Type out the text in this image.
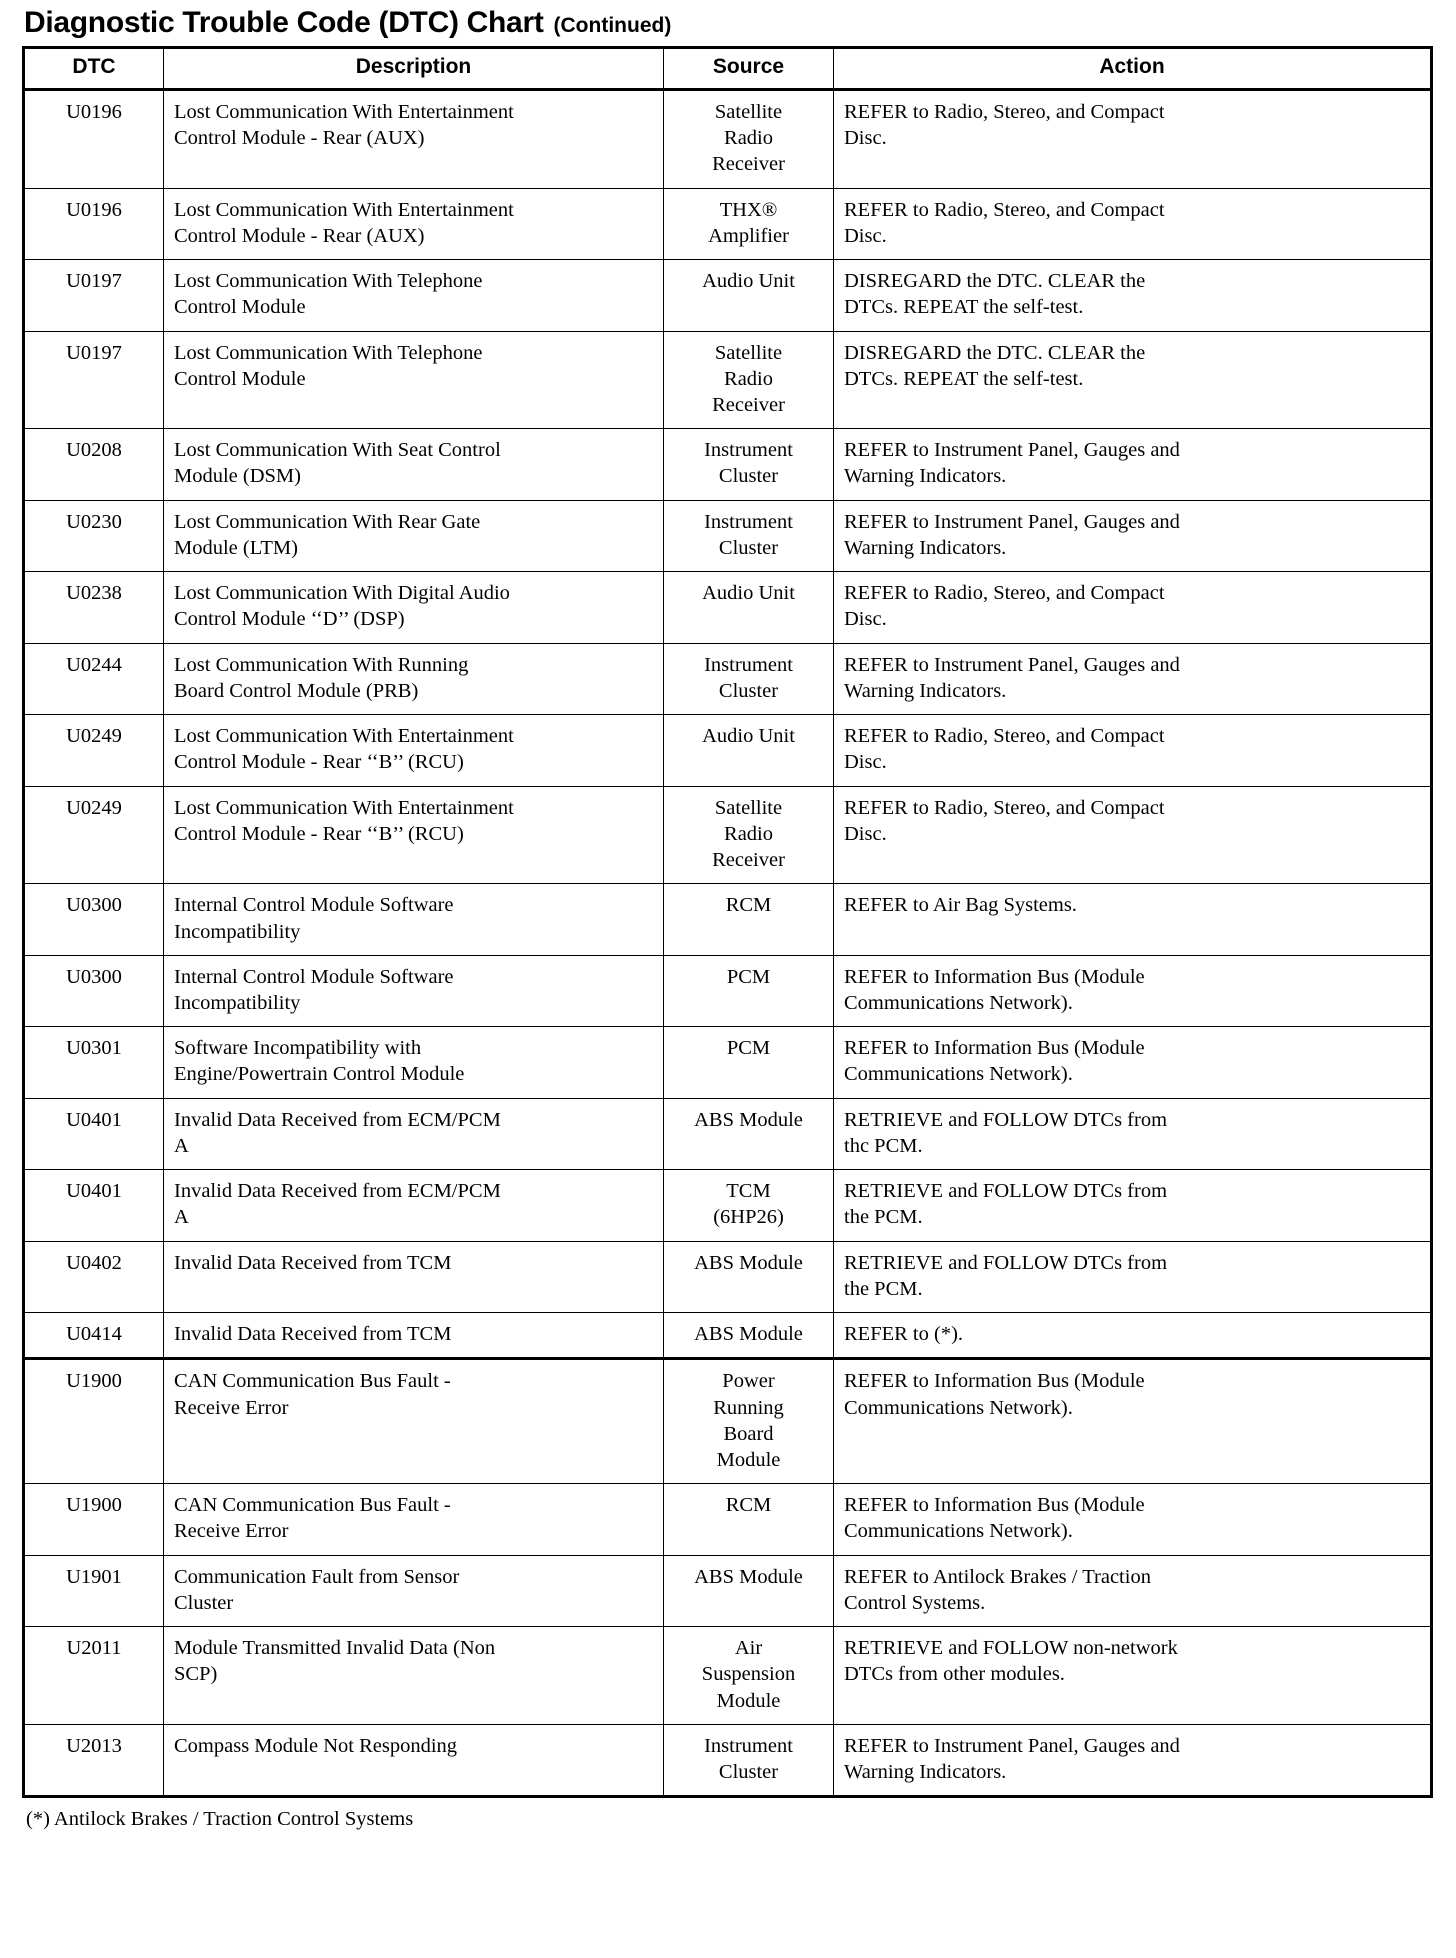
Diagnostic Trouble Code (DTC) Chart (Continued)
DTC	Description	Source	Action

U0196	Lost Communication With Entertainment
Control Module - Rear (AUX)	Satellite
Radio
Receiver	REFER to Radio, Stereo, and Compact
Disc.

U0196	Lost Communication With Entertainment
Control Module - Rear (AUX)	THX®
Amplifier	REFER to Radio, Stereo, and Compact
Disc.

U0197	Lost Communication With Telephone
Control Module	Audio Unit	DISREGARD the DTC. CLEAR the
DTCs. REPEAT the self-test.

U0197	Lost Communication With Telephone
Control Module	Satellite
Radio
Receiver	DISREGARD the DTC. CLEAR the
DTCs. REPEAT the self-test.

U0208	Lost Communication With Seat Control
Module (DSM)	Instrument
Cluster	REFER to Instrument Panel, Gauges and
Warning Indicators.

U0230	Lost Communication With Rear Gate
Module (LTM)	Instrument
Cluster	REFER to Instrument Panel, Gauges and
Warning Indicators.

U0238	Lost Communication With Digital Audio
Control Module ‘‘D’’ (DSP)	Audio Unit	REFER to Radio, Stereo, and Compact
Disc.

U0244	Lost Communication With Running
Board Control Module (PRB)	Instrument
Cluster	REFER to Instrument Panel, Gauges and
Warning Indicators.

U0249	Lost Communication With Entertainment
Control Module - Rear ‘‘B’’ (RCU)	Audio Unit	REFER to Radio, Stereo, and Compact
Disc.

U0249	Lost Communication With Entertainment
Control Module - Rear ‘‘B’’ (RCU)	Satellite
Radio
Receiver	REFER to Radio, Stereo, and Compact
Disc.

U0300	Internal Control Module Software
Incompatibility	RCM	REFER to Air Bag Systems.

U0300	Internal Control Module Software
Incompatibility	PCM	REFER to Information Bus (Module
Communications Network).

U0301	Software Incompatibility with
Engine/Powertrain Control Module	PCM	REFER to Information Bus (Module
Communications Network).

U0401	Invalid Data Received from ECM/PCM
A	ABS Module	RETRIEVE and FOLLOW DTCs from
thc PCM.

U0401	Invalid Data Received from ECM/PCM
A	TCM
(6HP26)	RETRIEVE and FOLLOW DTCs from
the PCM.

U0402	Invalid Data Received from TCM	ABS Module	RETRIEVE and FOLLOW DTCs from
the PCM.

U0414	Invalid Data Received from TCM	ABS Module	REFER to (*).

U1900	CAN Communication Bus Fault -
Receive Error	Power
Running
Board
Module	REFER to Information Bus (Module
Communications Network).

U1900	CAN Communication Bus Fault -
Receive Error	RCM	REFER to Information Bus (Module
Communications Network).

U1901	Communication Fault from Sensor
Cluster	ABS Module	REFER to Antilock Brakes / Traction
Control Systems.

U2011	Module Transmitted Invalid Data (Non
SCP)	Air
Suspension
Module	RETRIEVE and FOLLOW non-network
DTCs from other modules.

U2013	Compass Module Not Responding	Instrument
Cluster	REFER to Instrument Panel, Gauges and
Warning Indicators.
(*) Antilock Brakes / Traction Control Systems
